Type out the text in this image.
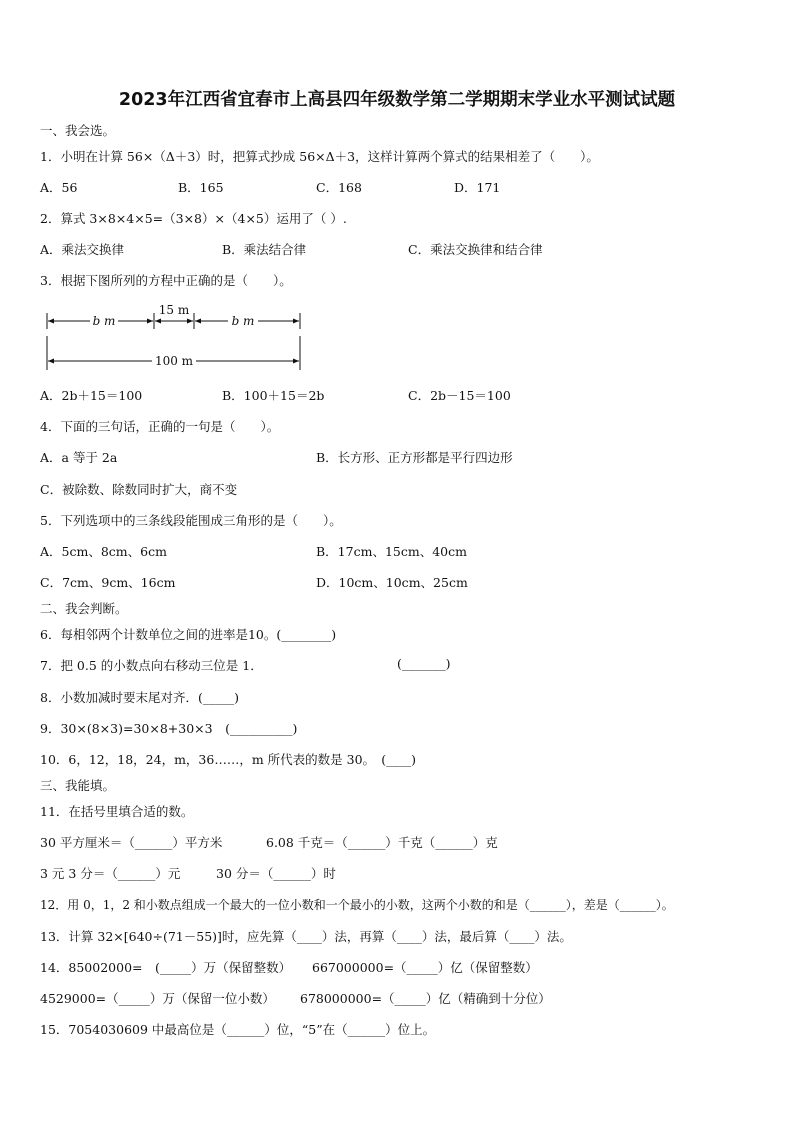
2023年江西省宜春市上高县四年级数学第二学期期末学业水平测试试题
一、我会选。
1．小明在计算 56×（Δ＋3）时，把算式抄成 56×Δ＋3，这样计算两个算式的结果相差了（　　）。
A．56	B．165	C．168	D．171
2．算式 3×8×4×5=（3×8）×（4×5）运用了（ ）.
A．乘法交换律	B．乘法结合律	C．乘法交换律和结合律
3．根据下图所列的方程中正确的是（　　）。
b m
15 m
b m
100 m
A．2b＋15＝100	B．100＋15＝2b	C．2b－15＝100
4．下面的三句话，正确的一句是（　　）。
A．a 等于 2a	B．长方形、正方形都是平行四边形
C．被除数、除数同时扩大，商不变
5．下列选项中的三条线段能围成三角形的是（　　）。
A．5cm、8cm、6cm	B．17cm、15cm、40cm
C．7cm、9cm、16cm	D．10cm、10cm、25cm
二、我会判断。
6．每相邻两个计数单位之间的进率是10。(________)
7．把 0.5 的小数点向右移动三位是 1．	(_______)
8．小数加减时要末尾对齐．(_____)
9．30×(8×3)=30×8+30×3　(__________)
10．6，12，18，24，m，36……，m 所代表的数是 30。　(____)
三、我能填。
11．在括号里填合适的数。
30 平方厘米＝（______）平方米	6.08 千克＝（______）千克（______）克
3 元 3 分＝（______）元	30 分＝（______）时
12．用 0，1，2 和小数点组成一个最大的一位小数和一个最小的小数，这两个小数的和是（______），差是（______）。
13．计算 32×[640÷(71－55)]时，应先算（____）法，再算（____）法，最后算（____）法。
14．85002000=　(_____）万（保留整数） 667000000=（_____）亿（保留整数）
4529000=（_____）万（保留一位小数） 678000000=（_____）亿（精确到十分位）
15．7054030609 中最高位是（______）位，“5”在（______）位上。
